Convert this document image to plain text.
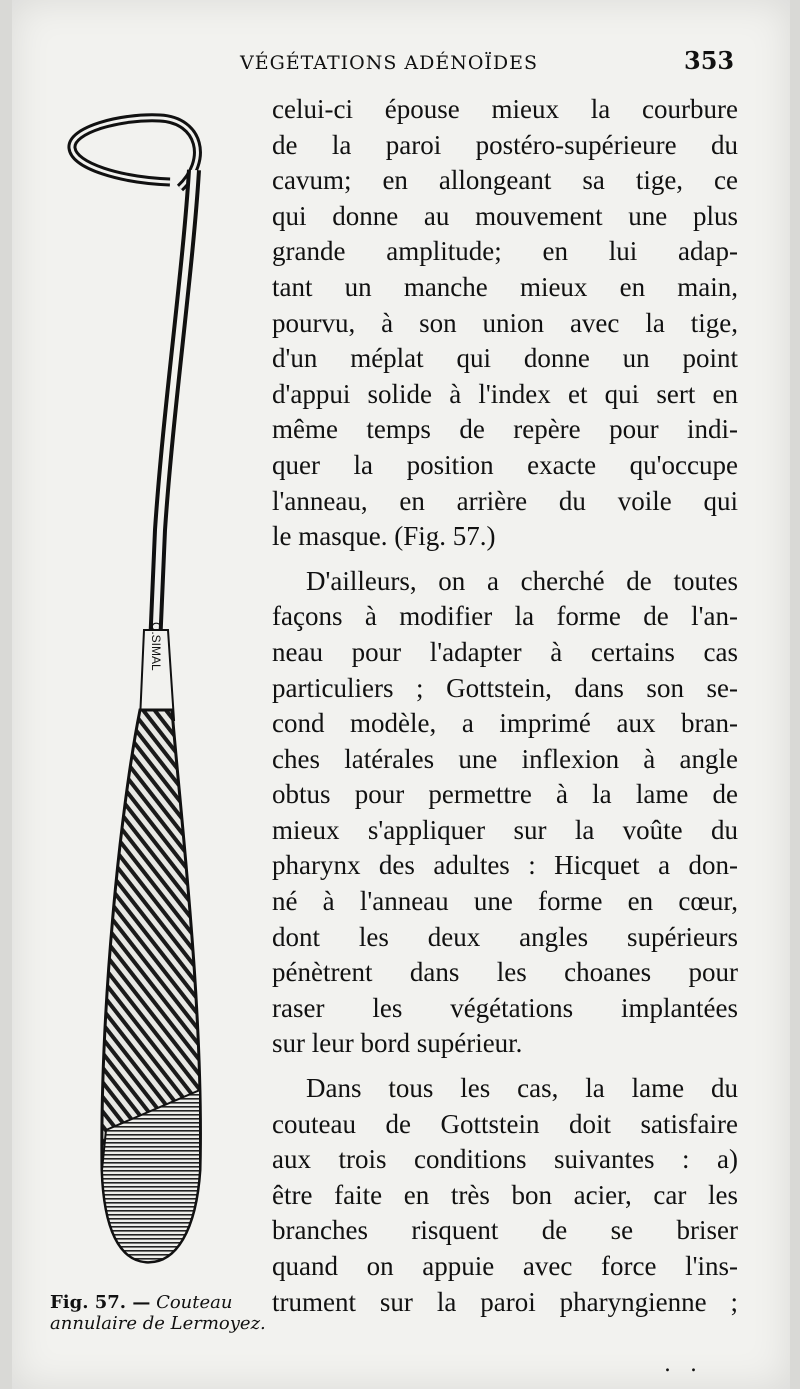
VÉGÉTATIONS ADÉNOÏDES	353
O.SIMAL
Fig. 57. — Couteau annulaire de Lermoyez.
celui-ci épouse mieux la courbure
de la paroi postéro-supérieure du
cavum; en allongeant sa tige, ce
qui donne au mouvement une plus
grande amplitude; en lui adap-
tant un manche mieux en main,
pourvu, à son union avec la tige,
d'un méplat qui donne un point
d'appui solide à l'index et qui sert en
même temps de repère pour indi-
quer la position exacte qu'occupe
l'anneau, en arrière du voile qui
le masque. (Fig. 57.)
D'ailleurs, on a cherché de toutes
façons à modifier la forme de l'an-
neau pour l'adapter à certains cas
particuliers ; Gottstein, dans son se-
cond modèle, a imprimé aux bran-
ches latérales une inflexion à angle
obtus pour permettre à la lame de
mieux s'appliquer sur la voûte du
pharynx des adultes : Hicquet a don-
né à l'anneau une forme en cœur,
dont les deux angles supérieurs
pénètrent dans les choanes pour
raser les végétations implantées
sur leur bord supérieur.
Dans tous les cas, la lame du
couteau de Gottstein doit satisfaire
aux trois conditions suivantes : a)
être faite en très bon acier, car les
branches risquent de se briser
quand on appuie avec force l'ins-
trument sur la paroi pharyngienne ;
. .
